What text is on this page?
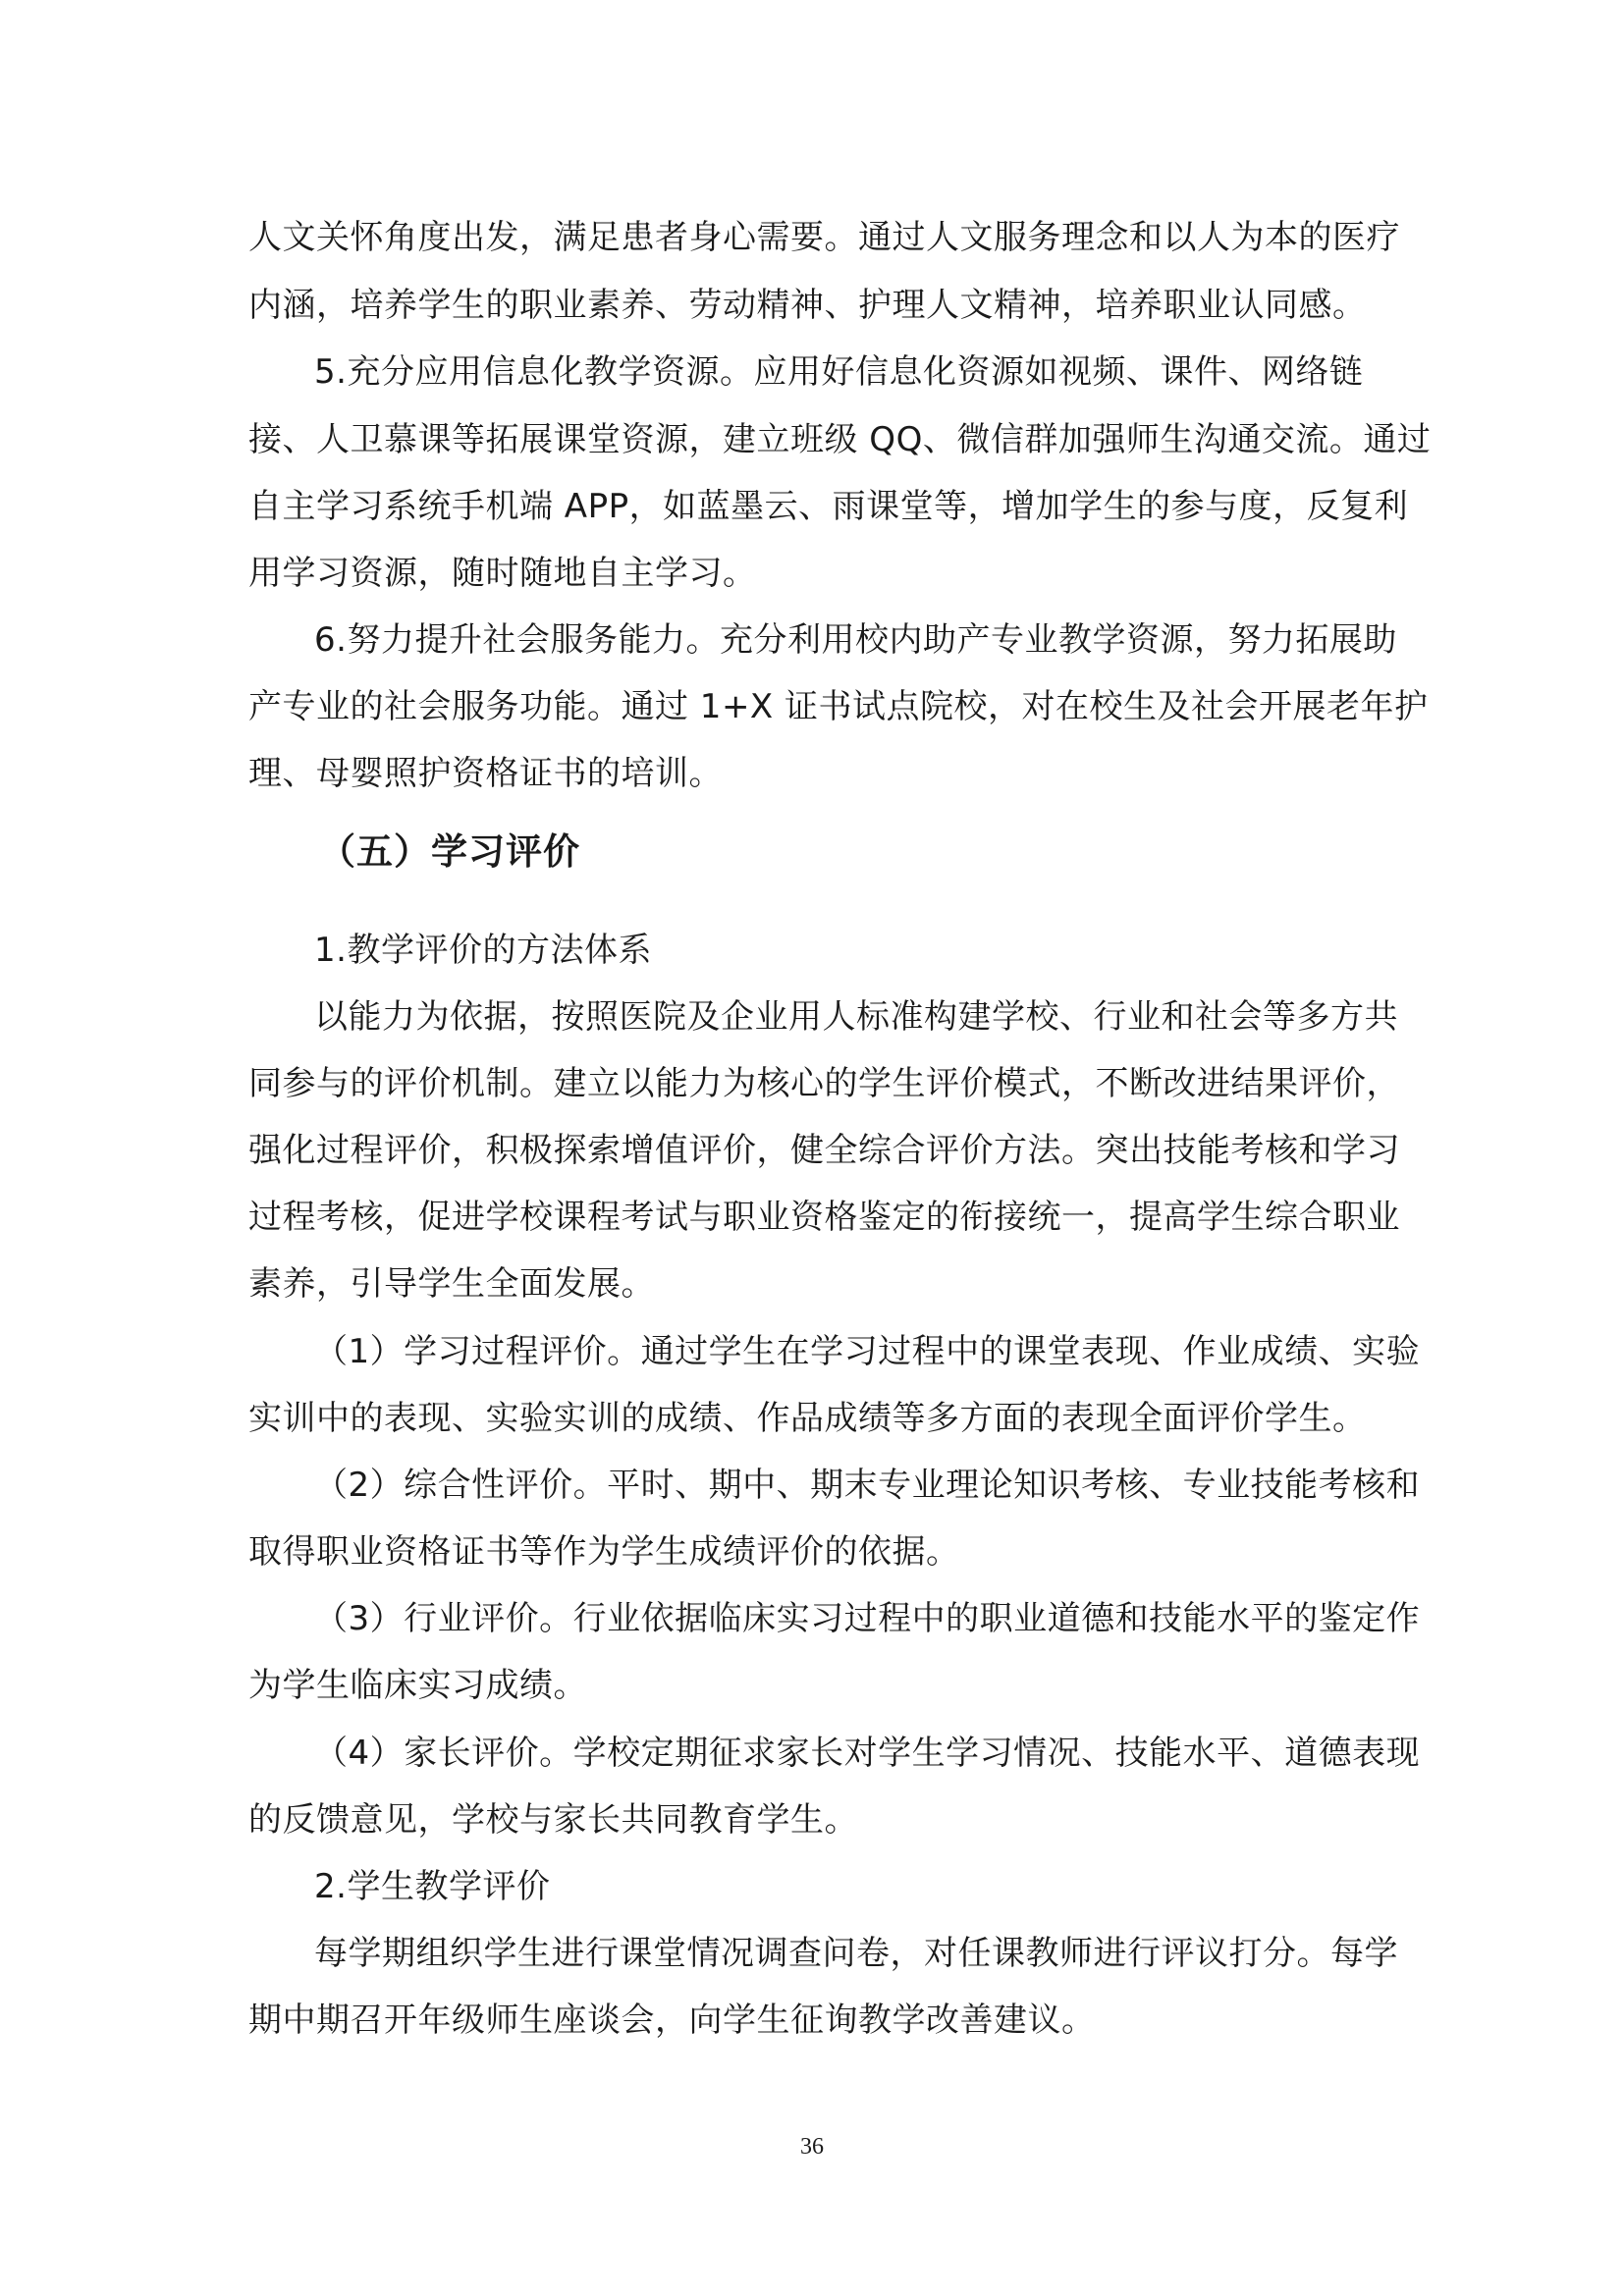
人文关怀角度出发，满足患者身心需要。通过人文服务理念和以人为本的医疗
内涵，培养学生的职业素养、劳动精神、护理人文精神，培养职业认同感。
5.充分应用信息化教学资源。应用好信息化资源如视频、课件、网络链
接、人卫慕课等拓展课堂资源，建立班级 QQ、微信群加强师生沟通交流。通过
自主学习系统手机端 APP，如蓝墨云、雨课堂等，增加学生的参与度，反复利
用学习资源，随时随地自主学习。
6.努力提升社会服务能力。充分利用校内助产专业教学资源，努力拓展助
产专业的社会服务功能。通过 1+X 证书试点院校，对在校生及社会开展老年护
理、母婴照护资格证书的培训。
（五）学习评价
1.教学评价的方法体系
以能力为依据，按照医院及企业用人标准构建学校、行业和社会等多方共
同参与的评价机制。建立以能力为核心的学生评价模式，不断改进结果评价，
强化过程评价，积极探索增值评价，健全综合评价方法。突出技能考核和学习
过程考核，促进学校课程考试与职业资格鉴定的衔接统一，提高学生综合职业
素养，引导学生全面发展。
（1）学习过程评价。通过学生在学习过程中的课堂表现、作业成绩、实验
实训中的表现、实验实训的成绩、作品成绩等多方面的表现全面评价学生。
（2）综合性评价。平时、期中、期末专业理论知识考核、专业技能考核和
取得职业资格证书等作为学生成绩评价的依据。
（3）行业评价。行业依据临床实习过程中的职业道德和技能水平的鉴定作
为学生临床实习成绩。
（4）家长评价。学校定期征求家长对学生学习情况、技能水平、道德表现
的反馈意见，学校与家长共同教育学生。
2.学生教学评价
每学期组织学生进行课堂情况调查问卷，对任课教师进行评议打分。每学
期中期召开年级师生座谈会，向学生征询教学改善建议。
36
